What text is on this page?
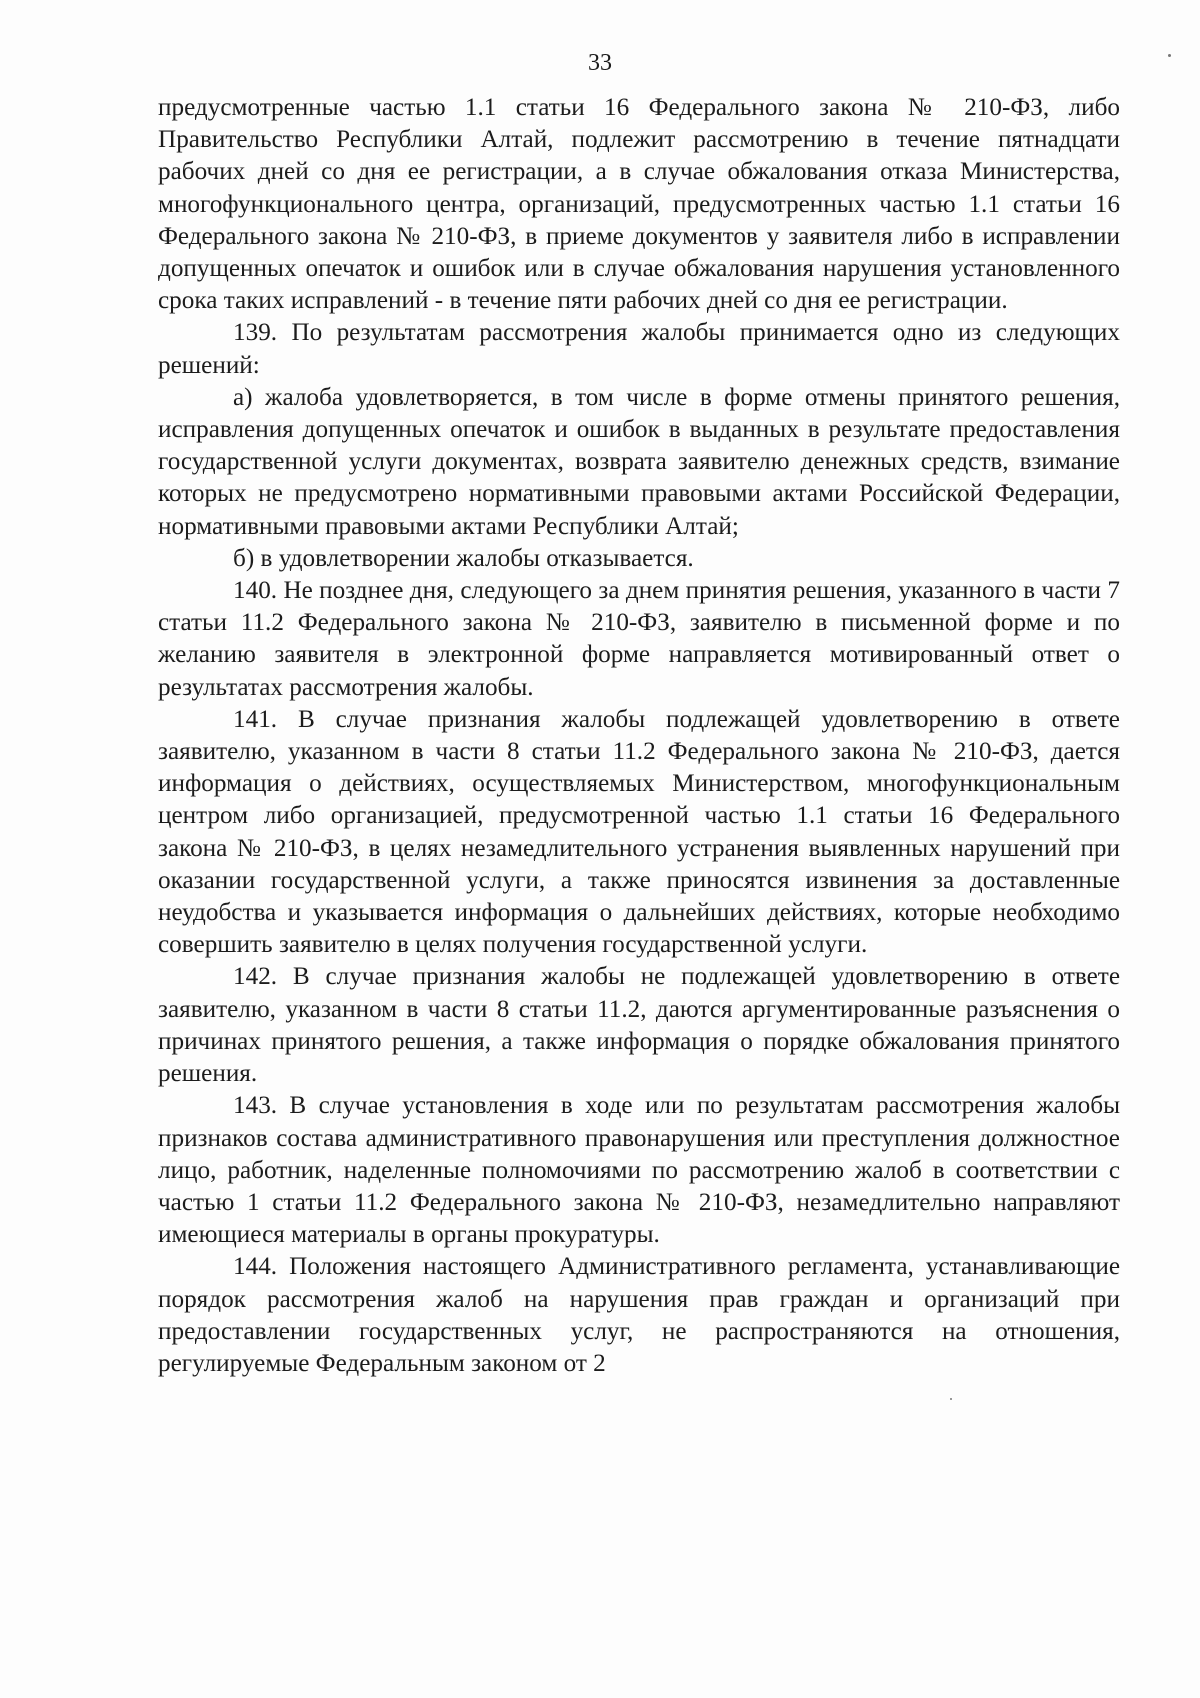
33

предусмотренные частью 1.1 статьи 16 Федерального закона № 210-ФЗ, либо Правительство Республики Алтай, подлежит рассмотрению в течение пятнадцати рабочих дней со дня ее регистрации, а в случае обжалования отказа Министерства, многофункционального центра, организаций, предусмотренных частью 1.1 статьи 16 Федерального закона № 210-ФЗ, в приеме документов у заявителя либо в исправлении допущенных опечаток и ошибок или в случае обжалования нарушения установленного срока таких исправлений - в течение пяти рабочих дней со дня ее регистрации.

139. По результатам рассмотрения жалобы принимается одно из следующих решений:

а) жалоба удовлетворяется, в том числе в форме отмены принятого решения, исправления допущенных опечаток и ошибок в выданных в результате предоставления государственной услуги документах, возврата заявителю денежных средств, взимание которых не предусмотрено нормативными правовыми актами Российской Федерации, нормативными правовыми актами Республики Алтай;

б) в удовлетворении жалобы отказывается.

140. Не позднее дня, следующего за днем принятия решения, указанного в части 7 статьи 11.2 Федерального закона № 210-ФЗ, заявителю в письменной форме и по желанию заявителя в электронной форме направляется мотивированный ответ о результатах рассмотрения жалобы.

141. В случае признания жалобы подлежащей удовлетворению в ответе заявителю, указанном в части 8 статьи 11.2 Федерального закона № 210-ФЗ, дается информация о действиях, осуществляемых Министерством, многофункциональным центром либо организацией, предусмотренной частью 1.1 статьи 16 Федерального закона № 210-ФЗ, в целях незамедлительного устранения выявленных нарушений при оказании государственной услуги, а также приносятся извинения за доставленные неудобства и указывается информация о дальнейших действиях, которые необходимо совершить заявителю в целях получения государственной услуги.

142. В случае признания жалобы не подлежащей удовлетворению в ответе заявителю, указанном в части 8 статьи 11.2, даются аргументированные разъяснения о причинах принятого решения, а также информация о порядке обжалования принятого решения.

143. В случае установления в ходе или по результатам рассмотрения жалобы признаков состава административного правонарушения или преступления должностное лицо, работник, наделенные полномочиями по рассмотрению жалоб в соответствии с частью 1 статьи 11.2 Федерального закона № 210-ФЗ, незамедлительно направляют имеющиеся материалы в органы прокуратуры.

144. Положения настоящего Административного регламента, устанавливающие порядок рассмотрения жалоб на нарушения прав граждан и организаций при предоставлении государственных услуг, не распространяются на отношения, регулируемые Федеральным законом от 2
